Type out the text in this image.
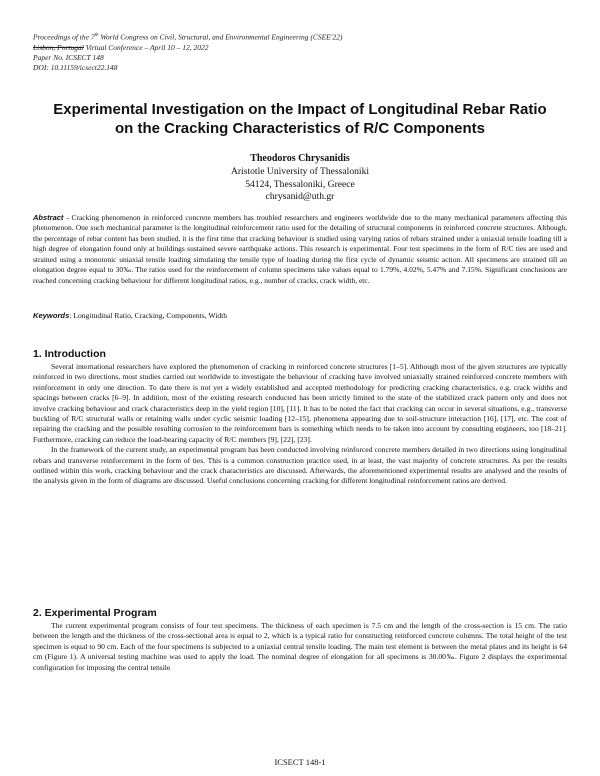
Proceedings of the 7th World Congress on Civil, Structural, and Environmental Engineering (CSEE'22)
Lisbon, Portugal Virtual Conference – April 10 – 12, 2022
Paper No. ICSECT 148
DOI: 10.11159/icsect22.148
Experimental Investigation on the Impact of Longitudinal Rebar Ratio
on the Cracking Characteristics of R/C Components
Theodoros Chrysanidis
Aristotle University of Thessaloniki
54124, Thessaloniki, Greece
chrysanid@uth.gr
Abstract - Cracking phenomenon in reinforced concrete members has troubled researchers and engineers worldwide due to the many mechanical parameters affecting this phenomenon. One such mechanical parameter is the longitudinal reinforcement ratio used for the detailing of structural components in reinforced concrete structures. Although, the percentage of rebar content has been studied, it is the first time that cracking behaviour is studied using varying ratios of rebars strained under a uniaxial tensile loading till a high degree of elongation found only at buildings sustained severe earthquake actions. This research is experimental. Four test specimens in the form of R/C ties are used and strained using a monotonic uniaxial tensile loading simulating the tensile type of loading during the first cycle of dynamic seismic action. All specimens are strained till an elongation degree equal to 30‰. The ratios used for the reinforcement of column specimens take values equal to 1.79%, 4.02%, 5.47% and 7.15%. Significant conclusions are reached concerning cracking behaviour for different longitudinal ratios, e.g., number of cracks, crack width, etc.
Keywords: Longitudinal Ratio, Cracking, Components, Width
1. Introduction

Several international researchers have explored the phenomenon of cracking in reinforced concrete structures [1–5]. Although most of the given structures are typically reinforced in two directions, most studies carried out worldwide to investigate the behaviour of cracking have involved uniaxially strained reinforced concrete members with reinforcement in only one direction. To date there is not yet a widely established and accepted methodology for predicting cracking characteristics, e.g. crack widths and spacings between cracks [6–9]. In addition, most of the existing research conducted has been strictly limited to the state of the stabilized crack pattern only and does not involve cracking behaviour and crack characteristics deep in the yield region [10], [11]. It has to be noted the fact that cracking can occur in several situations, e.g., transverse buckling of R/C structural walls or retaining walls under cyclic seismic loading [12–15], phenomena appearing due to soil-structure interaction [16], [17], etc. The cost of repairing the cracking and the possible resulting corrosion to the reinforcement bars is something which needs to be taken into account by consulting engineers, too [18–21]. Furthermore, cracking can reduce the load-bearing capacity of R/C members [9], [22], [23].

In the framework of the current study, an experimental program has been conducted involving reinforced concrete members detailed in two directions using longitudinal rebars and transverse reinforcement in the form of ties. This is a common construction practice used, in at least, the vast majority of concrete structures. As per the results outlined within this work, cracking behaviour and the crack characteristics are discussed. Afterwards, the aforementioned experimental results are analysed and the results of the analysis given in the form of diagrams are discussed. Useful conclusions concerning cracking for different longitudinal reinforcement ratios are derived.

2. Experimental Program

The current experimental program consists of four test specimens. The thickness of each specimen is 7.5 cm and the length of the cross-section is 15 cm. The ratio between the length and the thickness of the cross-sectional area is equal to 2, which is a typical ratio for constructing reinforced concrete columns. The total height of the test specimen is equal to 90 cm. Each of the four specimens is subjected to a uniaxial central tensile loading. The main test element is between the metal plates and its height is 64 cm (Figure 1). A universal testing machine was used to apply the load. The nominal degree of elongation for all specimens is 30.00‰. Figure 2 displays the experimental configuration for imposing the central tensile

ICSECT 148-1
